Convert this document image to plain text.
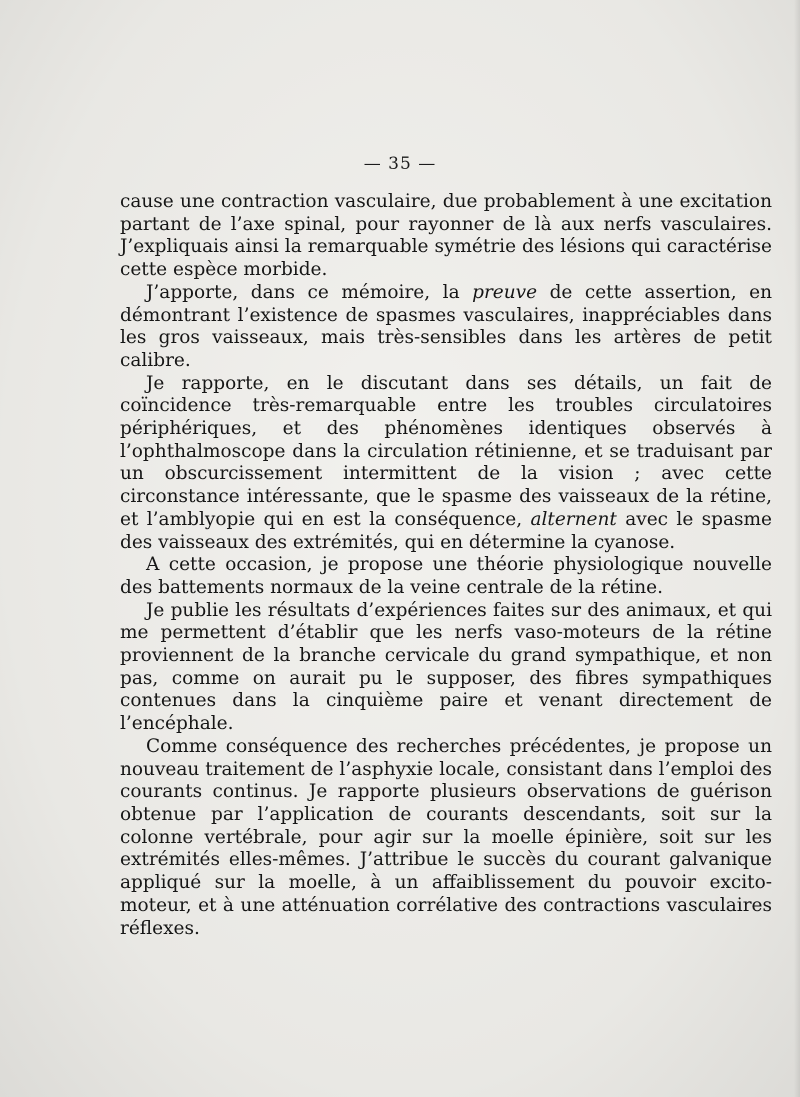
— 35 —

cause une contraction vasculaire, due probablement à une excitation partant de l’axe spinal, pour rayonner de là aux nerfs vasculaires. J’expliquais ainsi la remarquable symétrie des lésions qui caractérise cette espèce morbide.

J’apporte, dans ce mémoire, la preuve de cette assertion, en démontrant l’existence de spasmes vasculaires, inappréciables dans les gros vaisseaux, mais très-sensibles dans les artères de petit calibre.

Je rapporte, en le discutant dans ses détails, un fait de coïncidence très-remarquable entre les troubles circulatoires périphériques, et des phénomènes identiques observés à l’ophthalmoscope dans la circulation rétinienne, et se traduisant par un obscurcissement intermittent de la vision ; avec cette circonstance intéressante, que le spasme des vaisseaux de la rétine, et l’amblyopie qui en est la conséquence, alternent avec le spasme des vaisseaux des extrémités, qui en détermine la cyanose.

A cette occasion, je propose une théorie physiologique nouvelle des battements normaux de la veine centrale de la rétine.

Je publie les résultats d’expériences faites sur des animaux, et qui me permettent d’établir que les nerfs vaso-moteurs de la rétine proviennent de la branche cervicale du grand sympathique, et non pas, comme on aurait pu le supposer, des fibres sympathiques contenues dans la cinquième paire et venant directement de l’encéphale.

Comme conséquence des recherches précédentes, je propose un nouveau traitement de l’asphyxie locale, consistant dans l’emploi des courants continus. Je rapporte plusieurs observations de guérison obtenue par l’application de courants descendants, soit sur la colonne vertébrale, pour agir sur la moelle épinière, soit sur les extrémités elles-mêmes. J’attribue le succès du courant galvanique appliqué sur la moelle, à un affaiblissement du pouvoir excito-moteur, et à une atténuation corrélative des contractions vasculaires réflexes.
